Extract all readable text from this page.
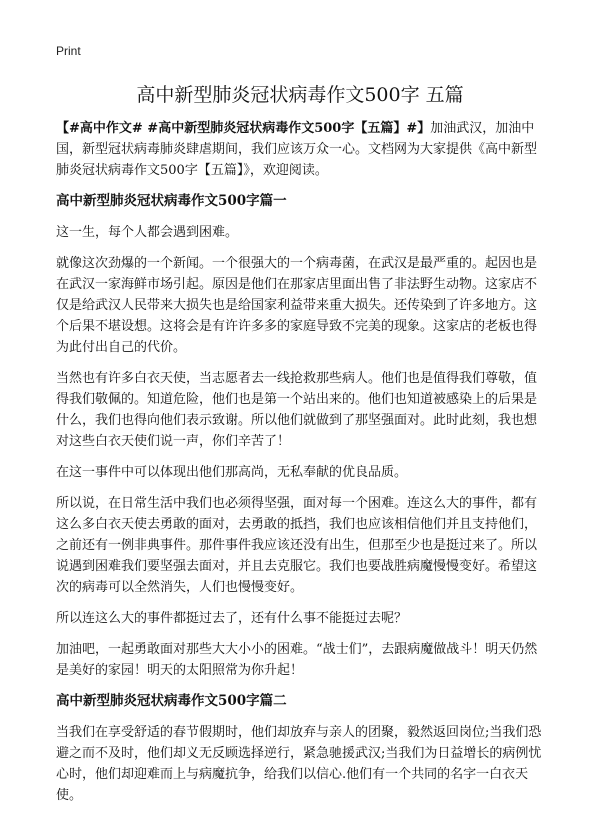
Print
高中新型肺炎冠状病毒作文500字 五篇

【#高中作文# #高中新型肺炎冠状病毒作文500字【五篇】#】加油武汉，加油中国，新型冠状病毒肺炎肆虐期间，我们应该万众一心。文档网为大家提供《高中新型肺炎冠状病毒作文500字【五篇】》，欢迎阅读。

高中新型肺炎冠状病毒作文500字篇一

这一生，每个人都会遇到困难。

就像这次劲爆的一个新闻。一个很强大的一个病毒菌，在武汉是最严重的。起因也是在武汉一家海鲜市场引起。原因是他们在那家店里面出售了非法野生动物。这家店不仅是给武汉人民带来大损失也是给国家利益带来重大损失。还传染到了许多地方。这个后果不堪设想。这将会是有许许多多的家庭导致不完美的现象。这家店的老板也得为此付出自己的代价。

当然也有许多白衣天使，当志愿者去一线抢救那些病人。他们也是值得我们尊敬，值得我们敬佩的。知道危险，他们也是第一个站出来的。他们也知道被感染上的后果是什么，我们也得向他们表示致谢。所以他们就做到了那坚强面对。此时此刻，我也想对这些白衣天使们说一声，你们辛苦了！

在这一事件中可以体现出他们那高尚，无私奉献的优良品质。

所以说，在日常生活中我们也必须得坚强，面对每一个困难。连这么大的事件，都有这么多白衣天使去勇敢的面对，去勇敢的抵挡，我们也应该相信他们并且支持他们，之前还有一例非典事件。那件事件我应该还没有出生，但那至少也是挺过来了。所以说遇到困难我们要坚强去面对，并且去克服它。我们也要战胜病魔慢慢变好。希望这次的病毒可以全然消失，人们也慢慢变好。

所以连这么大的事件都挺过去了，还有什么事不能挺过去呢？

加油吧，一起勇敢面对那些大大小小的困难。“战士们”，去跟病魔做战斗！明天仍然是美好的家园！明天的太阳照常为你升起！

高中新型肺炎冠状病毒作文500字篇二

当我们在享受舒适的春节假期时，他们却放弃与亲人的团聚，毅然返回岗位;当我们恐避之而不及时，他们却义无反顾选择逆行，紧急驰援武汉;当我们为日益增长的病例忧心时，他们却迎难而上与病魔抗争，给我们以信心.他们有一个共同的名字一白衣天使。
